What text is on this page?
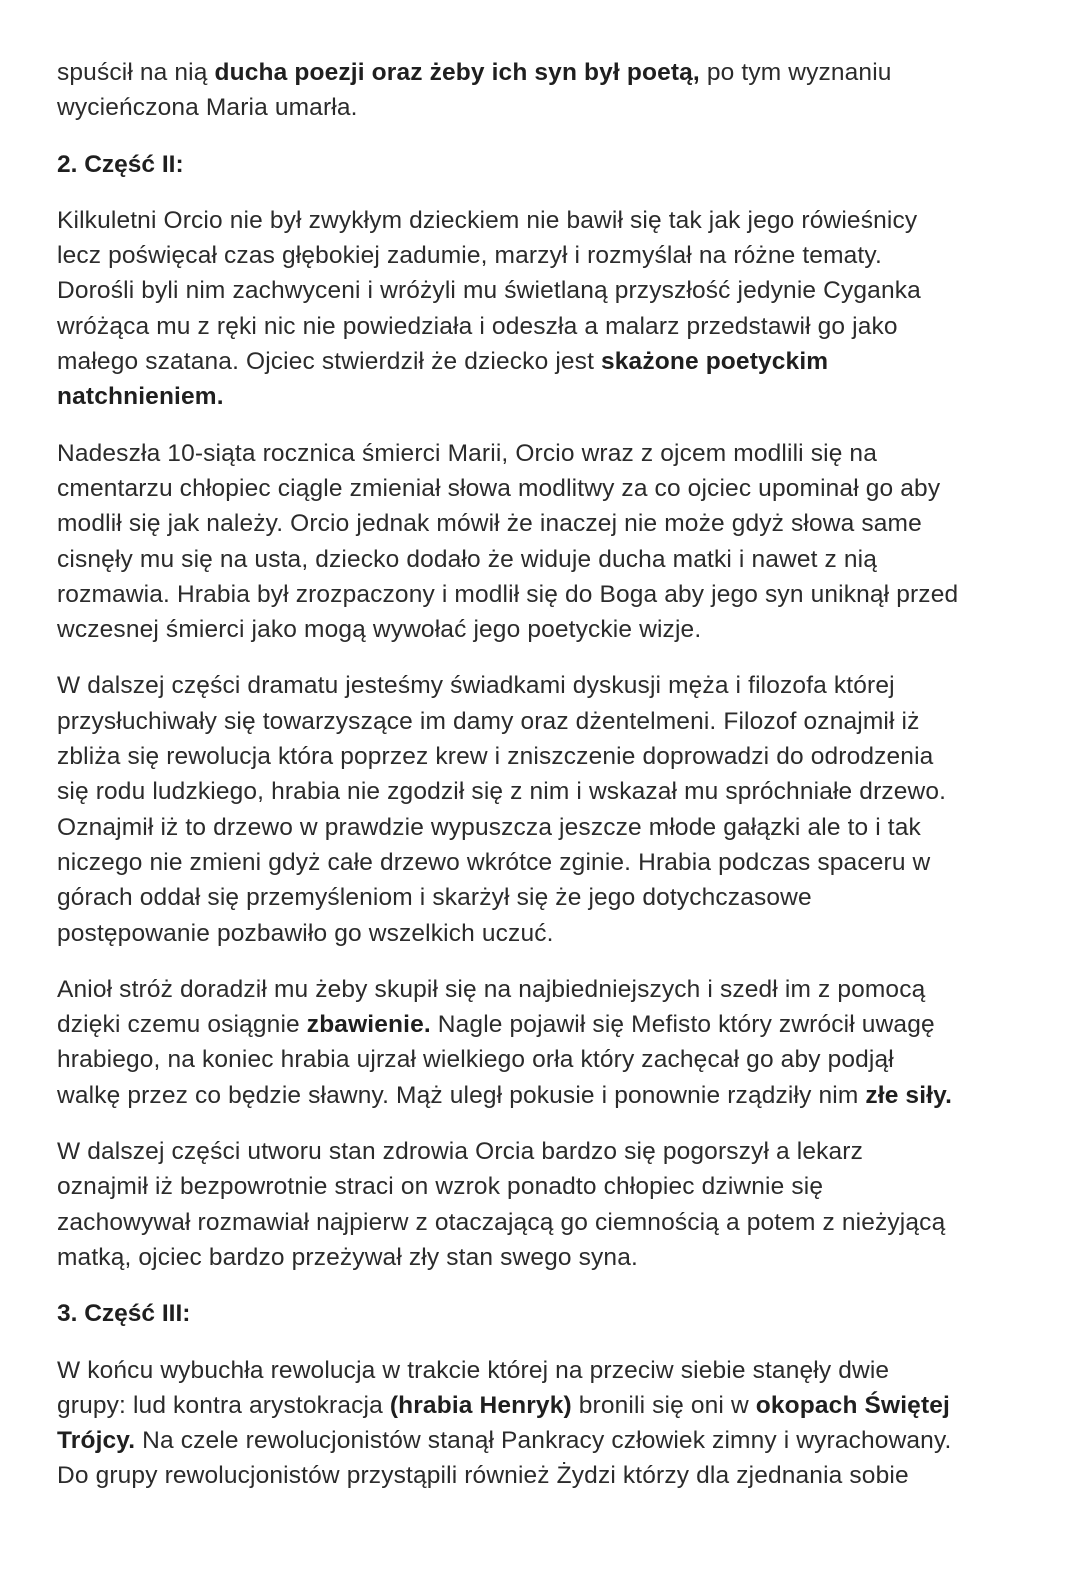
spuścił na nią ducha poezji oraz żeby ich syn był poetą, po tym wyznaniu
wycieńczona Maria umarła.

2. Część II:

Kilkuletni Orcio nie był zwykłym dzieckiem nie bawił się tak jak jego rówieśnicy
lecz poświęcał czas głębokiej zadumie, marzył i rozmyślał na różne tematy.
Dorośli byli nim zachwyceni i wróżyli mu świetlaną przyszłość jedynie Cyganka
wróżąca mu z ręki nic nie powiedziała i odeszła a malarz przedstawił go jako
małego szatana. Ojciec stwierdził że dziecko jest skażone poetyckim
natchnieniem.

Nadeszła 10-siąta rocznica śmierci Marii, Orcio wraz z ojcem modlili się na
cmentarzu chłopiec ciągle zmieniał słowa modlitwy za co ojciec upominał go aby
modlił się jak należy. Orcio jednak mówił że inaczej nie może gdyż słowa same
cisnęły mu się na usta, dziecko dodało że widuje ducha matki i nawet z nią
rozmawia. Hrabia był zrozpaczony i modlił się do Boga aby jego syn uniknął przed
wczesnej śmierci jako mogą wywołać jego poetyckie wizje.

W dalszej części dramatu jesteśmy świadkami dyskusji męża i filozofa której
przysłuchiwały się towarzyszące im damy oraz dżentelmeni. Filozof oznajmił iż
zbliża się rewolucja która poprzez krew i zniszczenie doprowadzi do odrodzenia
się rodu ludzkiego, hrabia nie zgodził się z nim i wskazał mu spróchniałe drzewo.
Oznajmił iż to drzewo w prawdzie wypuszcza jeszcze młode gałązki ale to i tak
niczego nie zmieni gdyż całe drzewo wkrótce zginie. Hrabia podczas spaceru w
górach oddał się przemyśleniom i skarżył się że jego dotychczasowe
postępowanie pozbawiło go wszelkich uczuć.

Anioł stróż doradził mu żeby skupił się na najbiedniejszych i szedł im z pomocą
dzięki czemu osiągnie zbawienie. Nagle pojawił się Mefisto który zwrócił uwagę
hrabiego, na koniec hrabia ujrzał wielkiego orła który zachęcał go aby podjął
walkę przez co będzie sławny. Mąż uległ pokusie i ponownie rządziły nim złe siły.

W dalszej części utworu stan zdrowia Orcia bardzo się pogorszył a lekarz
oznajmił iż bezpowrotnie straci on wzrok ponadto chłopiec dziwnie się
zachowywał rozmawiał najpierw z otaczającą go ciemnością a potem z nieżyjącą
matką, ojciec bardzo przeżywał zły stan swego syna.

3. Część III:

W końcu wybuchła rewolucja w trakcie której na przeciw siebie stanęły dwie
grupy: lud kontra arystokracja (hrabia Henryk) bronili się oni w okopach Świętej
Trójcy. Na czele rewolucjonistów stanął Pankracy człowiek zimny i wyrachowany.
Do grupy rewolucjonistów przystąpili również Żydzi którzy dla zjednania sobie
